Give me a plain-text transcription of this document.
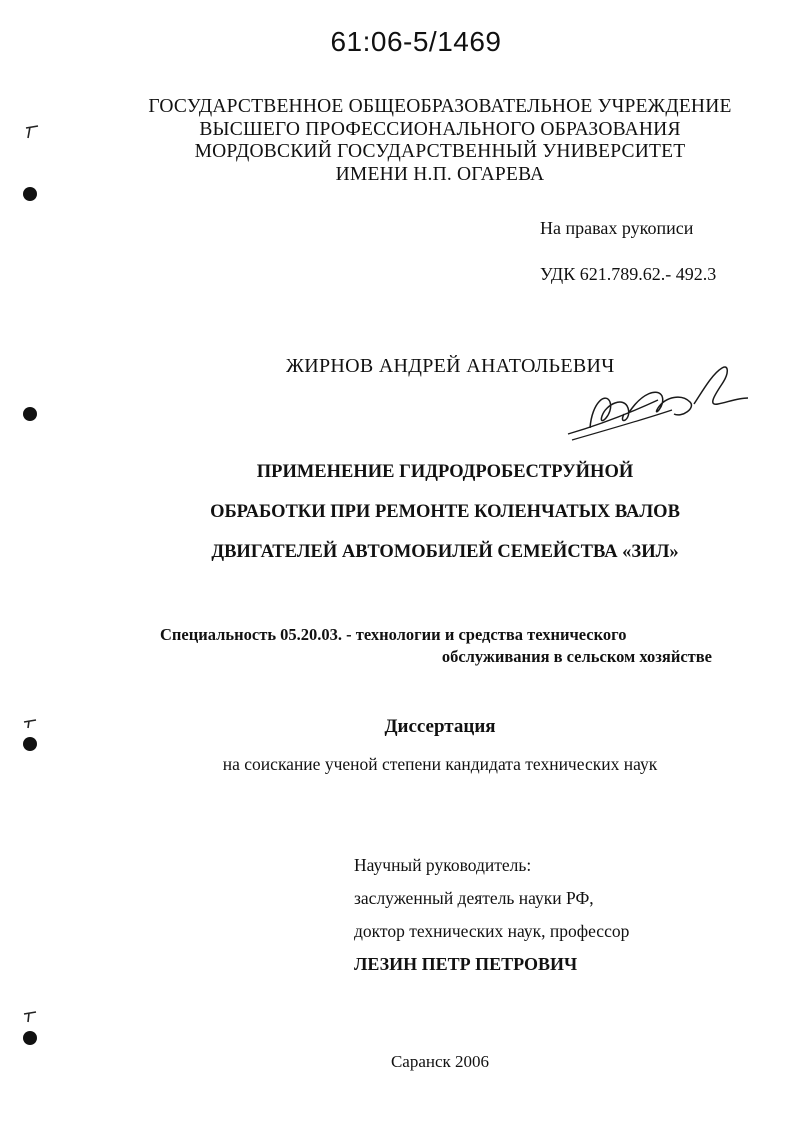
61:06-5/1469
ГОСУДАРСТВЕННОЕ ОБЩЕОБРАЗОВАТЕЛЬНОЕ УЧРЕЖДЕНИЕ
ВЫСШЕГО ПРОФЕССИОНАЛЬНОГО ОБРАЗОВАНИЯ
МОРДОВСКИЙ ГОСУДАРСТВЕННЫЙ УНИВЕРСИТЕТ
ИМЕНИ Н.П. ОГАРЕВА
На правах рукописи
УДК 621.789.62.- 492.3
ЖИРНОВ АНДРЕЙ АНАТОЛЬЕВИЧ
ПРИМЕНЕНИЕ ГИДРОДРОБЕСТРУЙНОЙ
ОБРАБОТКИ ПРИ РЕМОНТЕ КОЛЕНЧАТЫХ ВАЛОВ
ДВИГАТЕЛЕЙ АВТОМОБИЛЕЙ СЕМЕЙСТВА «ЗИЛ»
Специальность 05.20.03. - технологии и средства технического
обслуживания в сельском хозяйстве
Диссертация
на соискание ученой степени кандидата технических наук
Научный руководитель:
заслуженный деятель науки РФ,
доктор технических наук, профессор
ЛЕЗИН ПЕТР ПЕТРОВИЧ
Саранск 2006
